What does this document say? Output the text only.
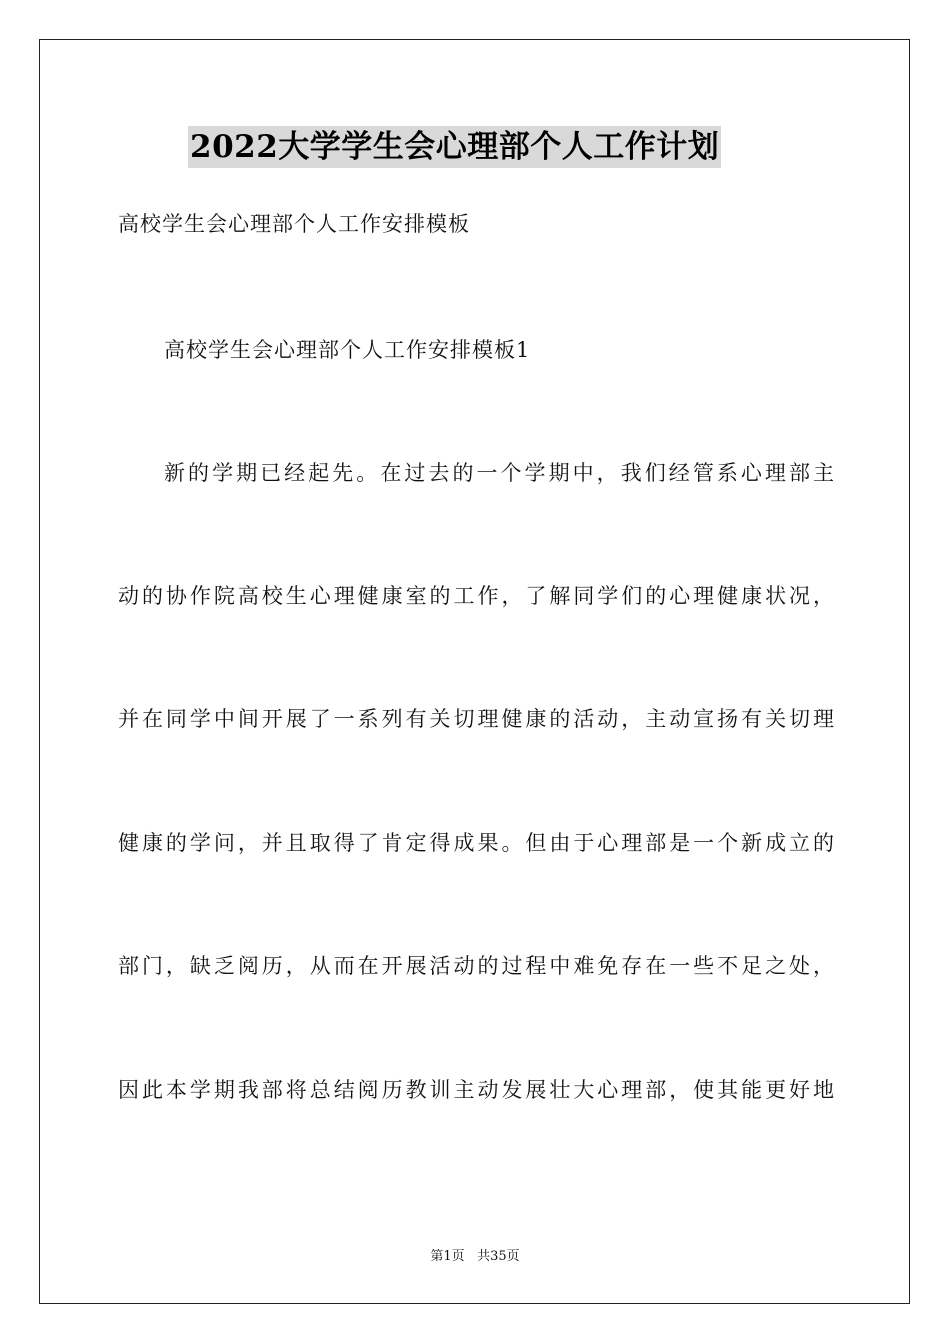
2022大学学生会心理部个人工作计划
高校学生会心理部个人工作安排模板
高校学生会心理部个人工作安排模板1
新的学期已经起先。在过去的一个学期中，我们经管系心理部主
动的协作院高校生心理健康室的工作，了解同学们的心理健康状况，
并在同学中间开展了一系列有关切理健康的活动，主动宣扬有关切理
健康的学问，并且取得了肯定得成果。但由于心理部是一个新成立的
部门，缺乏阅历，从而在开展活动的过程中难免存在一些不足之处，
因此本学期我部将总结阅历教训主动发展壮大心理部，使其能更好地
第1页 共35页
